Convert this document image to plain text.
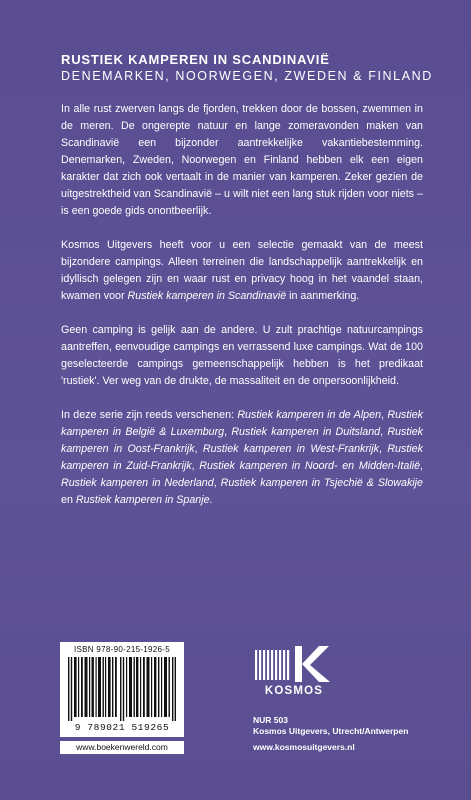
RUSTIEK KAMPEREN IN SCANDINAVIË
DENEMARKEN, NOORWEGEN, ZWEDEN & FINLAND

In alle rust zwerven langs de fjorden, trekken door de bossen, zwemmen in de meren. De ongerepte natuur en lange zomeravonden maken van Scandinavië een bijzonder aantrekkelijke vakantiebestemming. Denemarken, Zweden, Noorwegen en Finland hebben elk een eigen karakter dat zich ook vertaalt in de manier van kamperen. Zeker gezien de uitgestrektheid van Scandinavië – u wilt niet een lang stuk rijden voor niets – is een goede gids onontbeerlijk.

Kosmos Uitgevers heeft voor u een selectie gemaakt van de meest bijzondere campings. Alleen terreinen die landschappelijk aantrekkelijk en idyllisch gelegen zijn en waar rust en privacy hoog in het vaandel staan, kwamen voor Rustiek kamperen in Scandinavië in aanmerking.

Geen camping is gelijk aan de andere. U zult prachtige natuurcampings aantreffen, eenvoudige campings en verrassend luxe campings. Wat de 100 geselecteerde campings gemeenschappelijk hebben is het predikaat 'rustiek'. Ver weg van de drukte, de massaliteit en de onpersoonlijkheid.

In deze serie zijn reeds verschenen: Rustiek kamperen in de Alpen, Rustiek kamperen in België & Luxemburg, Rustiek kamperen in Duitsland, Rustiek kamperen in Oost-Frankrijk, Rustiek kamperen in West-Frankrijk, Rustiek kamperen in Zuid-Frankrijk, Rustiek kamperen in Noord- en Midden-Italië, Rustiek kamperen in Nederland, Rustiek kamperen in Tsjechië & Slowakije en Rustiek kamperen in Spanje.

ISBN 978-90-215-1926-5
9 789021 519265
www.boekenwereld.com
KOSMOS
NUR 503
Kosmos Uitgevers, Utrecht/Antwerpen
www.kosmosuitgevers.nl
